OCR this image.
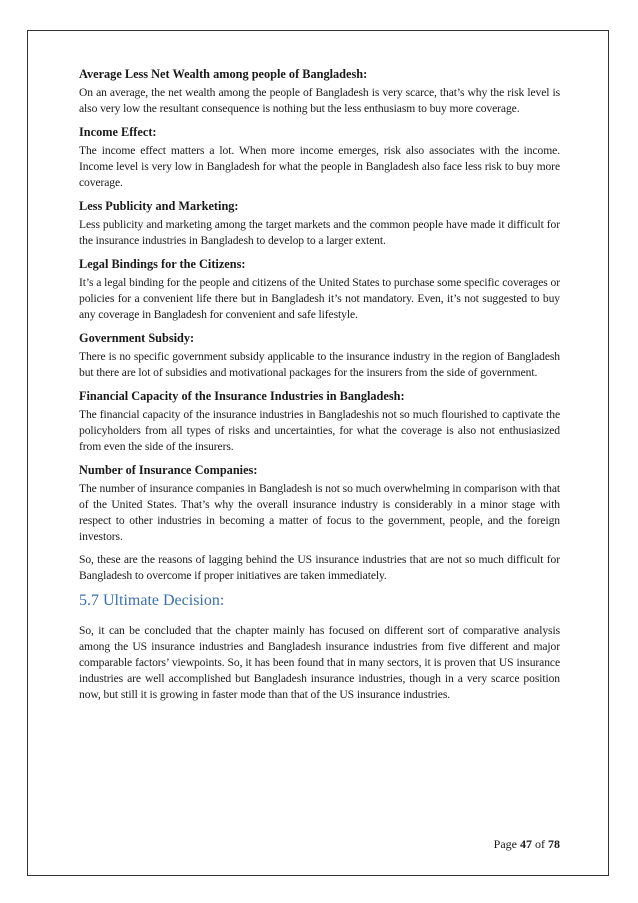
Average Less Net Wealth among people of Bangladesh:

On an average, the net wealth among the people of Bangladesh is very scarce, that’s why the risk level is also very low the resultant consequence is nothing but the less enthusiasm to buy more coverage.

Income Effect:

The income effect matters a lot. When more income emerges, risk also associates with the income. Income level is very low in Bangladesh for what the people in Bangladesh also face less risk to buy more coverage.

Less Publicity and Marketing:

Less publicity and marketing among the target markets and the common people have made it difficult for the insurance industries in Bangladesh to develop to a larger extent.

Legal Bindings for the Citizens:

It’s a legal binding for the people and citizens of the United States to purchase some specific coverages or policies for a convenient life there but in Bangladesh it’s not mandatory. Even, it’s not suggested to buy any coverage in Bangladesh for convenient and safe lifestyle.

Government Subsidy:

There is no specific government subsidy applicable to the insurance industry in the region of Bangladesh but there are lot of subsidies and motivational packages for the insurers from the side of government.

Financial Capacity of the Insurance Industries in Bangladesh:

The financial capacity of the insurance industries in Bangladeshis not so much flourished to captivate the policyholders from all types of risks and uncertainties, for what the coverage is also not enthusiasized from even the side of the insurers.

Number of Insurance Companies:

The number of insurance companies in Bangladesh is not so much overwhelming in comparison with that of the United States. That’s why the overall insurance industry is considerably in a minor stage with respect to other industries in becoming a matter of focus to the government, people, and the foreign investors.

So, these are the reasons of lagging behind the US insurance industries that are not so much difficult for Bangladesh to overcome if proper initiatives are taken immediately.

5.7 Ultimate Decision:

So, it can be concluded that the chapter mainly has focused on different sort of comparative analysis among the US insurance industries and Bangladesh insurance industries from five different and major comparable factors’ viewpoints. So, it has been found that in many sectors, it is proven that US insurance industries are well accomplished but Bangladesh insurance industries, though in a very scarce position now, but still it is growing in faster mode than that of the US insurance industries.

Page 47 of 78
